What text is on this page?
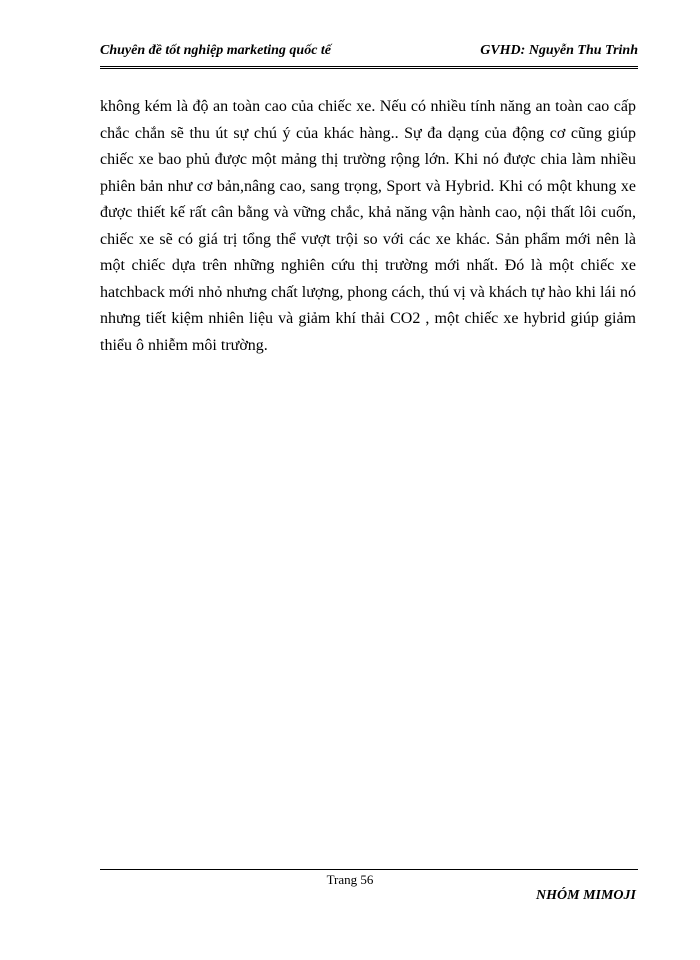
Chuyên đề tốt nghiệp marketing quốc tế	GVHD: Nguyễn Thu Trinh

không kém là độ an toàn cao của chiếc xe. Nếu có nhiều tính năng an toàn cao cấp chắc chắn sẽ thu út sự chú ý của khác hàng.. Sự đa dạng của động cơ cũng giúp chiếc xe bao phủ được một mảng thị trường rộng lớn. Khi nó được chia làm nhiều phiên bản như cơ bản,nâng cao, sang trọng, Sport và Hybrid. Khi có một khung xe được thiết kế rất cân bằng và vững chắc, khả năng vận hành cao, nội thất lôi cuốn, chiếc xe sẽ có giá trị tổng thể vượt trội so với các xe khác. Sản phẩm mới nên là một chiếc dựa trên những nghiên cứu thị trường mới nhất. Đó là một chiếc xe hatchback mới nhỏ nhưng chất lượng, phong cách, thú vị và khách tự hào khi lái nó nhưng tiết kiệm nhiên liệu và giảm khí thải CO2 , một chiếc xe hybrid giúp giảm thiểu ô nhiễm môi trường.

Trang 56
NHÓM MIMOJI
